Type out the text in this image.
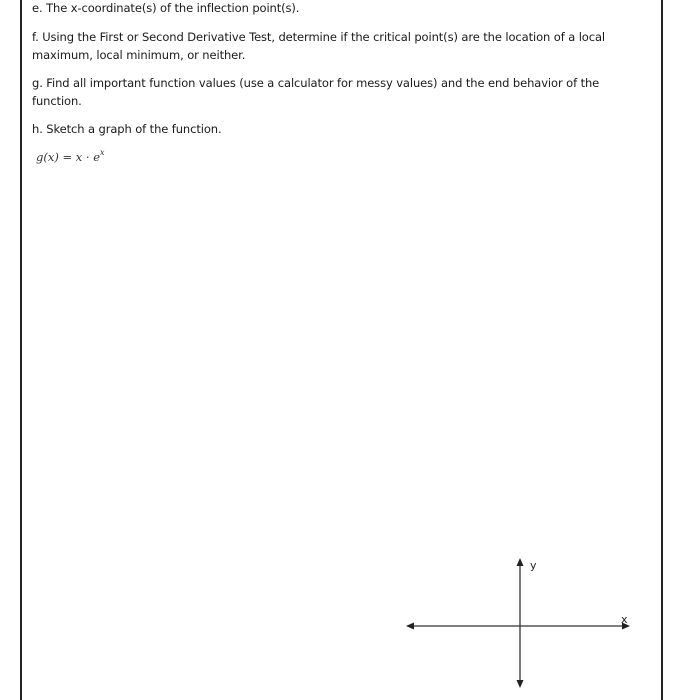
e. The x-coordinate(s) of the inflection point(s).
f. Using the First or Second Derivative Test, determine if the critical point(s) are the location of a local maximum, local minimum, or neither.
g. Find all important function values (use a calculator for messy values) and the end behavior of the function.
h. Sketch a graph of the function.
$g(x) = x \cdot e^x$
y
x
